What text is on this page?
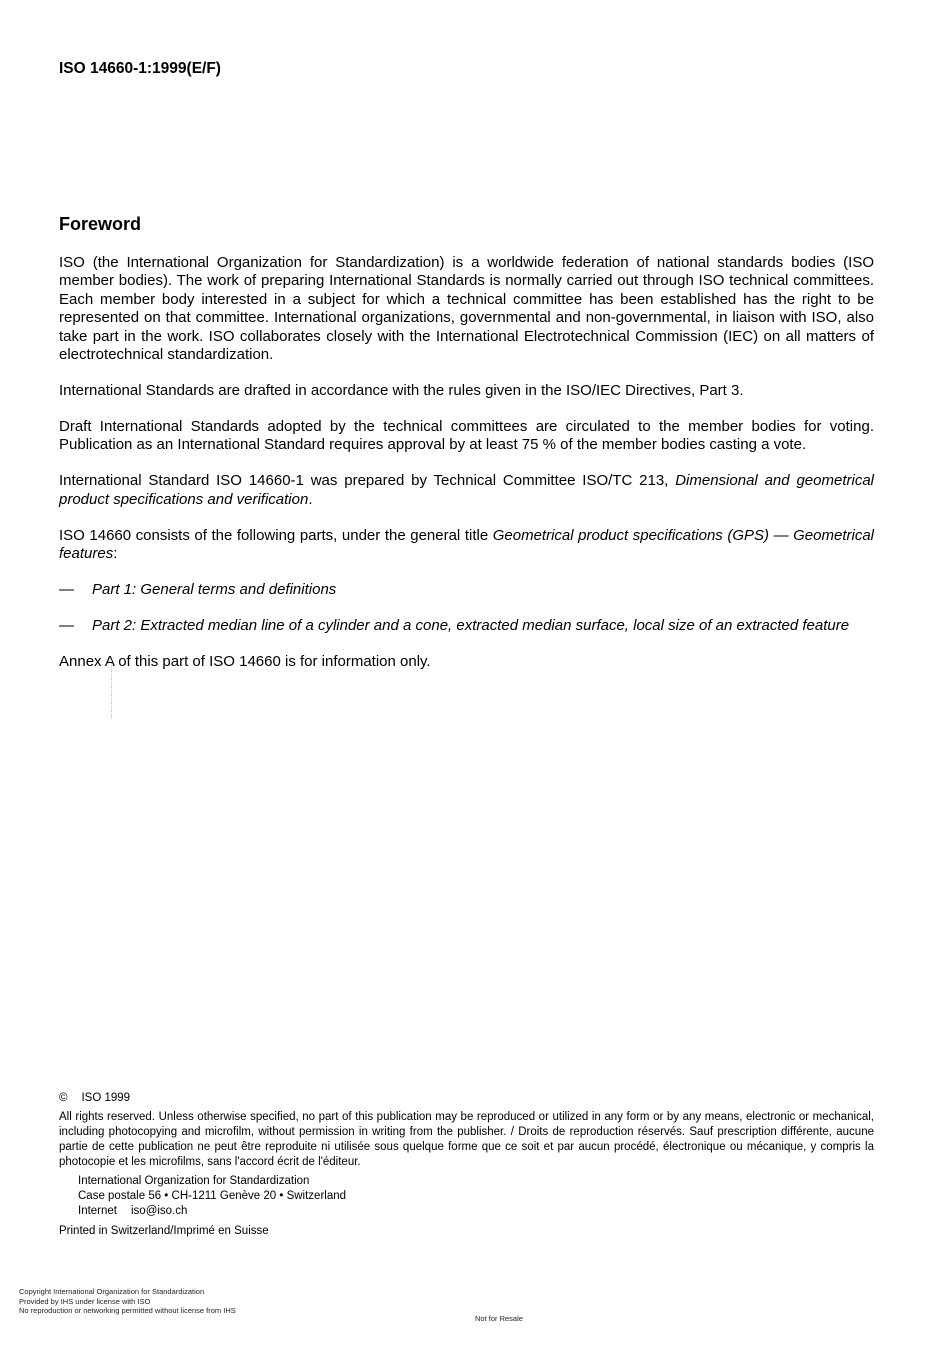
ISO 14660-1:1999(E/F)
Foreword

ISO (the International Organization for Standardization) is a worldwide federation of national standards bodies (ISO member bodies). The work of preparing International Standards is normally carried out through ISO technical committees. Each member body interested in a subject for which a technical committee has been established has the right to be represented on that committee. International organizations, governmental and non-governmental, in liaison with ISO, also take part in the work. ISO collaborates closely with the International Electrotechnical Commission (IEC) on all matters of electrotechnical standardization.

International Standards are drafted in accordance with the rules given in the ISO/IEC Directives, Part 3.

Draft International Standards adopted by the technical committees are circulated to the member bodies for voting. Publication as an International Standard requires approval by at least 75 % of the member bodies casting a vote.

International Standard ISO 14660-1 was prepared by Technical Committee ISO/TC 213, Dimensional and geometrical product specifications and verification.

ISO 14660 consists of the following parts, under the general title Geometrical product specifications (GPS) — Geometrical features:

— Part 1: General terms and definitions
— Part 2: Extracted median line of a cylinder and a cone, extracted median surface, local size of an extracted feature

Annex A of this part of ISO 14660 is for information only.

© ISO 1999
All rights reserved. Unless otherwise specified, no part of this publication may be reproduced or utilized in any form or by any means, electronic or mechanical, including photocopying and microfilm, without permission in writing from the publisher. / Droits de reproduction réservés. Sauf prescription différente, aucune partie de cette publication ne peut être reproduite ni utilisée sous quelque forme que ce soit et par aucun procédé, électronique ou mécanique, y compris la photocopie et les microfilms, sans l'accord écrit de l'éditeur.
International Organization for Standardization
Case postale 56 • CH-1211 Genève 20 • Switzerland
Internet iso@iso.ch
Printed in Switzerland/Imprimé en Suisse
Copyright International Organization for Standardization
Provided by IHS under license with ISO
No reproduction or networking permitted without license from IHS
Not for Resale
